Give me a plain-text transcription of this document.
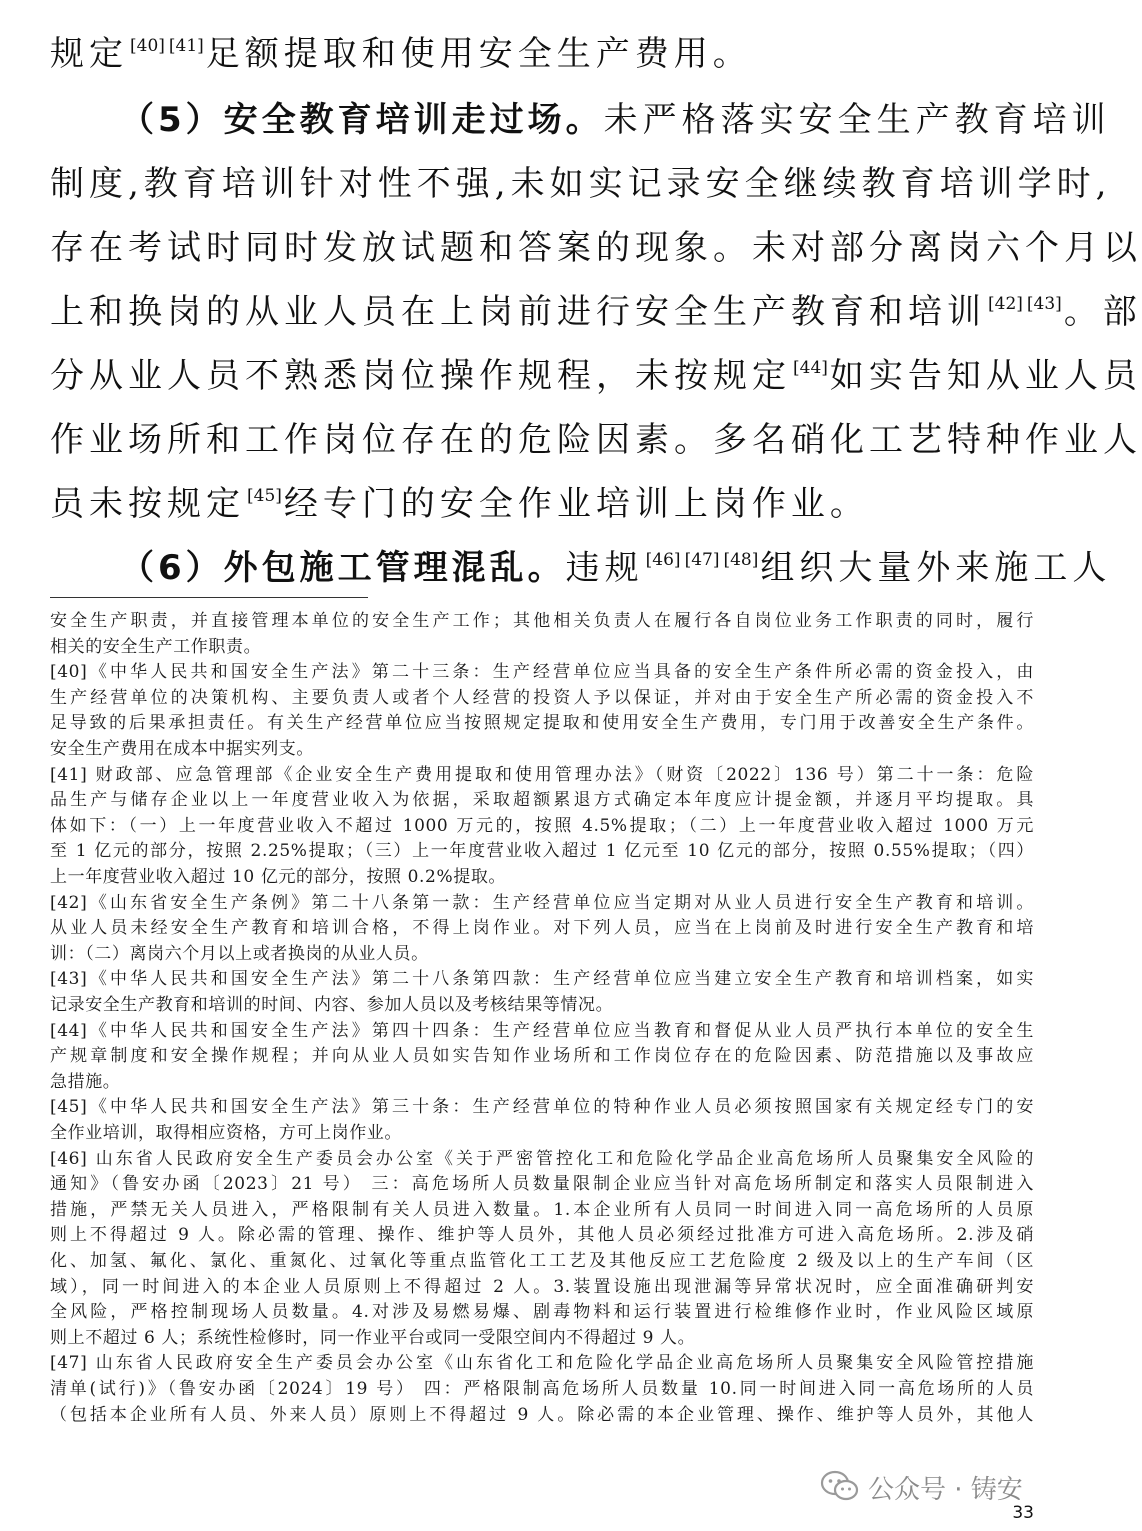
规定 [40] [41]足额提取和使用安全生产费用。
（5）安全教育培训走过场。未严格落实安全生产教育培训
制度,教育培训针对性不强,未如实记录安全继续教育培训学时,
存在考试时同时发放试题和答案的现象。未对部分离岗六个月以
上和换岗的从业人员在上岗前进行安全生产教育和培训 [42] [43]。部
分从业人员不熟悉岗位操作规程，未按规定 [44]如实告知从业人员
作业场所和工作岗位存在的危险因素。多名硝化工艺特种作业人
员未按规定 [45]经专门的安全作业培训上岗作业。
（6）外包施工管理混乱。违规 [46] [47] [48]组织大量外来施工人
安全生产职责，并直接管理本单位的安全生产工作；其他相关负责人在履行各自岗位业务工作职责的同时，履行
相关的安全生产工作职责。
[40]《中华人民共和国安全生产法》第二十三条：生产经营单位应当具备的安全生产条件所必需的资金投入，由
生产经营单位的决策机构、主要负责人或者个人经营的投资人予以保证，并对由于安全生产所必需的资金投入不
足导致的后果承担责任。有关生产经营单位应当按照规定提取和使用安全生产费用，专门用于改善安全生产条件。
安全生产费用在成本中据实列支。
[41] 财政部、应急管理部《企业安全生产费用提取和使用管理办法》（财资〔2022〕136 号）第二十一条：危险
品生产与储存企业以上一年度营业收入为依据，采取超额累退方式确定本年度应计提金额，并逐月平均提取。具
体如下：（一）上一年度营业收入不超过 1000 万元的，按照 4.5%提取；（二）上一年度营业收入超过 1000 万元
至 1 亿元的部分，按照 2.25%提取；（三）上一年度营业收入超过 1 亿元至 10 亿元的部分，按照 0.55%提取；（四）
上一年度营业收入超过 10 亿元的部分，按照 0.2%提取。
[42]《山东省安全生产条例》第二十八条第一款：生产经营单位应当定期对从业人员进行安全生产教育和培训。
从业人员未经安全生产教育和培训合格，不得上岗作业。对下列人员，应当在上岗前及时进行安全生产教育和培
训：（二）离岗六个月以上或者换岗的从业人员。
[43]《中华人民共和国安全生产法》第二十八条第四款：生产经营单位应当建立安全生产教育和培训档案，如实
记录安全生产教育和培训的时间、内容、参加人员以及考核结果等情况。
[44]《中华人民共和国安全生产法》第四十四条：生产经营单位应当教育和督促从业人员严执行本单位的安全生
产规章制度和安全操作规程；并向从业人员如实告知作业场所和工作岗位存在的危险因素、防范措施以及事故应
急措施。
[45]《中华人民共和国安全生产法》第三十条：生产经营单位的特种作业人员必须按照国家有关规定经专门的安
全作业培训，取得相应资格，方可上岗作业。
[46] 山东省人民政府安全生产委员会办公室《关于严密管控化工和危险化学品企业高危场所人员聚集安全风险的
通知》（鲁安办函〔2023〕21 号） 三：高危场所人员数量限制企业应当针对高危场所制定和落实人员限制进入
措施，严禁无关人员进入，严格限制有关人员进入数量。1.本企业所有人员同一时间进入同一高危场所的人员原
则上不得超过 9 人。除必需的管理、操作、维护等人员外，其他人员必须经过批准方可进入高危场所。2.涉及硝
化、加氢、氟化、氯化、重氮化、过氧化等重点监管化工工艺及其他反应工艺危险度 2 级及以上的生产车间（区
域），同一时间进入的本企业人员原则上不得超过 2 人。3.装置设施出现泄漏等异常状况时，应全面准确研判安
全风险，严格控制现场人员数量。4.对涉及易燃易爆、剧毒物料和运行装置进行检维修作业时，作业风险区域原
则上不超过 6 人；系统性检修时，同一作业平台或同一受限空间内不得超过 9 人。
[47] 山东省人民政府安全生产委员会办公室《山东省化工和危险化学品企业高危场所人员聚集安全风险管控措施
清单(试行)》（鲁安办函〔2024〕19 号） 四：严格限制高危场所人员数量 10.同一时间进入同一高危场所的人员
（包括本企业所有人员、外来人员）原则上不得超过 9 人。除必需的本企业管理、操作、维护等人员外，其他人
公众号 · 铸安
33
